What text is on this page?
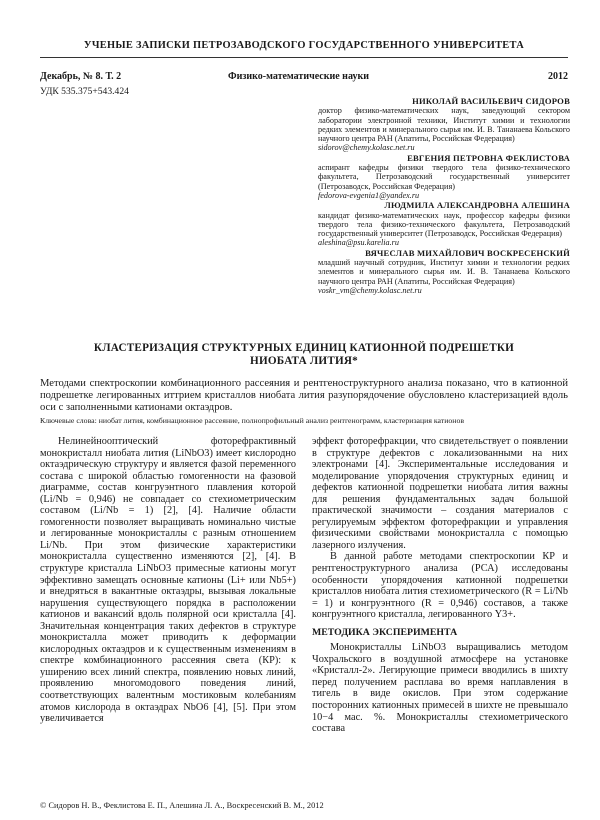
УЧЕНЫЕ ЗАПИСКИ ПЕТРОЗАВОДСКОГО ГОСУДАРСТВЕННОГО УНИВЕРСИТЕТА
Декабрь, № 8. Т. 2	Физико-математические науки	2012
УДК 535.375+543.424
НИКОЛАЙ ВАСИЛЬЕВИЧ СИДОРОВ
доктор физико-математических наук, заведующий сектором лаборатории электронной техники, Институт химии и технологии редких элементов и минерального сырья им. И. В. Тананаева Кольского научного центра РАН (Апатиты, Российская Федерация)
sidorov@chemy.kolasc.net.ru
ЕВГЕНИЯ ПЕТРОВНА ФЕКЛИСТОВА
аспирант кафедры физики твердого тела физико-технического факультета, Петрозаводский государственный университет (Петрозаводск, Российская Федерация)
fedorova-evgenia1@yandex.ru
ЛЮДМИЛА АЛЕКСАНДРОВНА АЛЕШИНА
кандидат физико-математических наук, профессор кафедры физики твердого тела физико-технического факультета, Петрозаводский государственный университет (Петрозаводск, Российская Федерация)
aleshina@psu.karelia.ru
ВЯЧЕСЛАВ МИХАЙЛОВИЧ ВОСКРЕСЕНСКИЙ
младший научный сотрудник, Институт химии и технологии редких элементов и минерального сырья им. И. В. Тананаева Кольского научного центра РАН (Апатиты, Российская Федерация)
voskr_vm@chemy.kolasc.net.ru
КЛАСТЕРИЗАЦИЯ СТРУКТУРНЫХ ЕДИНИЦ КАТИОННОЙ ПОДРЕШЕТКИ
НИОБАТА ЛИТИЯ*
Методами спектроскопии комбинационного рассеяния и рентгеноструктурного анализа показано, что в катионной подрешетке легированных иттрием кристаллов ниобата лития разупорядочение обусловлено кластеризацией вдоль оси с заполненными катионами октаэдров.
Ключевые слова: ниобат лития, комбинационное рассеяние, полнопрофильный анализ рентгенограмм, кластеризация катионов

Нелинейнооптический фоторефрактивный монокристалл ниобата лития (LiNbO3) имеет кислородно октаэдрическую структуру и является фазой переменного состава с широкой областью гомогенности на фазовой диаграмме, состав конгруэнтного плавления которой (Li/Nb = 0,946) не совпадает со стехиометрическим составом (Li/Nb = 1) [2], [4]. Наличие области гомогенности позволяет выращивать номинально чистые и легированные монокристаллы с разным отношением Li/Nb. При этом физические характеристики монокристалла существенно изменяются [2], [4]. В структуре кристалла LiNbO3 примесные катионы могут эффективно замещать основные катионы (Li+ или Nb5+) и внедряться в вакантные октаэдры, вызывая локальные нарушения существующего порядка в расположении катионов и вакансий вдоль полярной оси кристалла [4]. Значительная концентрация таких дефектов в структуре монокристалла может приводить к деформации кислородных октаэдров и к существенным изменениям в спектре комбинационного рассеяния света (КР): к уширению всех линий спектра, появлению новых линий, проявлению многомодового поведения линий, соответствующих валентным мостиковым колебаниям атомов кислорода в октаэдрах NbO6 [4], [5]. При этом увеличивается

эффект фоторефракции, что свидетельствует о появлении в структуре дефектов с локализованными на них электронами [4]. Экспериментальные исследования и моделирование упорядочения структурных единиц и дефектов катионной подрешетки ниобата лития важны для решения фундаментальных задач большой практической значимости – создания материалов с регулируемым эффектом фоторефракции и управления физическими свойствами монокристалла с помощью лазерного излучения.

В данной работе методами спектроскопии КР и рентгеноструктурного анализа (РСА) исследованы особенности упорядочения катионной подрешетки кристаллов ниобата лития стехиометрического (R = Li/Nb = 1) и конгруэнтного (R = 0,946) составов, а также конгруэнтного кристалла, легированного Y3+.

МЕТОДИКА ЭКСПЕРИМЕНТА

Монокристаллы LiNbO3 выращивались методом Чохральского в воздушной атмосфере на установке «Кристалл-2». Легирующие примеси вводились в шихту перед получением расплава во время наплавления в тигель в виде окислов. При этом содержание посторонних катионных примесей в шихте не превышало 10−4 мас. %. Монокристаллы стехиометрического состава

© Сидоров Н. В., Феклистова Е. П., Алешина Л. А., Воскресенский В. М., 2012
